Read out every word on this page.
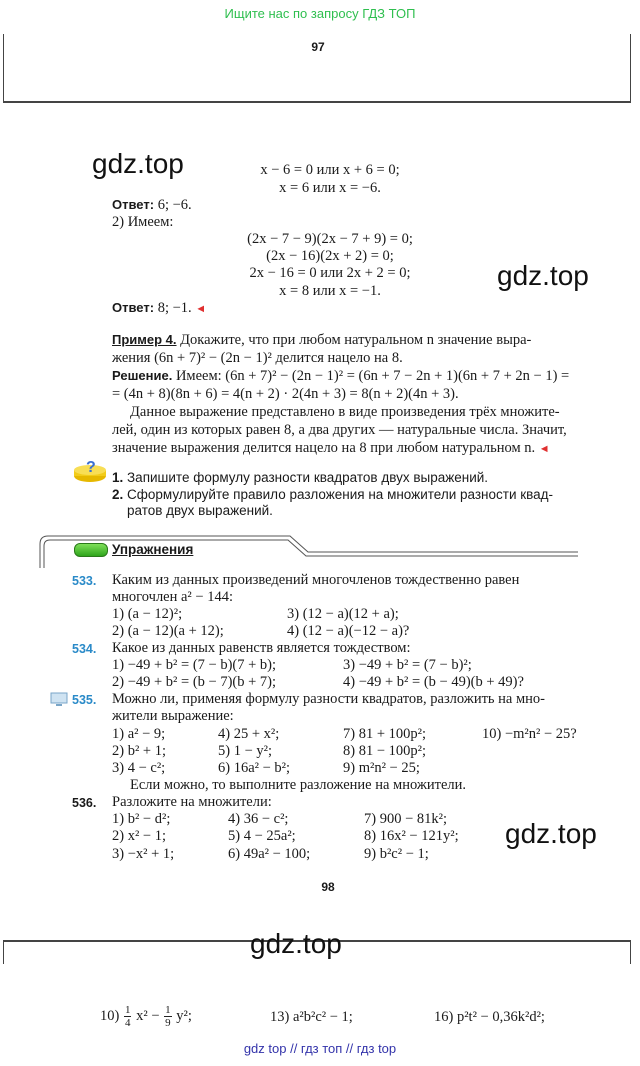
Ищите нас по запросу ГДЗ ТОП
97
98
gdz.top
gdz.top
gdz.top
gdz.top
x − 6 = 0 или x + 6 = 0;
x = 6 или x = −6.
Ответ: 6; −6.
2) Имеем:
(2x − 7 − 9)(2x − 7 + 9) = 0;
(2x − 16)(2x + 2) = 0;
2x − 16 = 0 или 2x + 2 = 0;
x = 8 или x = −1.
Ответ: 8; −1. ◄
Пример 4. Докажите, что при любом натуральном n значение выра-
жения (6n + 7)² − (2n − 1)² делится нацело на 8.
Решение. Имеем: (6n + 7)² − (2n − 1)² = (6n + 7 − 2n + 1)(6n + 7 + 2n − 1) =
= (4n + 8)(8n + 6) = 4(n + 2) · 2(4n + 3) = 8(n + 2)(4n + 3).
Данное выражение представлено в виде произведения трёх множите-
лей, один из которых равен 8, а два других — натуральные числа. Значит,
значение выражения делится нацело на 8 при любом натуральном n. ◄
?
1. Запишите формулу разности квадратов двух выражений.
2. Сформулируйте правило разложения на множители разности квад-
ратов двух выражений.
Упражнения
533. Каким из данных произведений многочленов тождественно равен
многочлен a² − 144:
1) (a − 12)²;	3) (12 − a)(12 + a);
2) (a − 12)(a + 12);	4) (12 − a)(−12 − a)?
534. Какое из данных равенств является тождеством:
1) −49 + b² = (7 − b)(7 + b);	3) −49 + b² = (7 − b)²;
2) −49 + b² = (b − 7)(b + 7);	4) −49 + b² = (b − 49)(b + 49)?
535. Можно ли, применяя формулу разности квадратов, разложить на мно-
жители выражение:
1) a² − 9;	4) 25 + x²;	7) 81 + 100p²;	10) −m²n² − 25?
2) b² + 1;	5) 1 − y²;	8) 81 − 100p²;
3) 4 − c²;	6) 16a² − b²;	9) m²n² − 25;
Если можно, то выполните разложение на множители.
536. Разложите на множители:
1) b² − d²;	4) 36 − c²;	7) 900 − 81k²;
2) x² − 1;	5) 4 − 25a²;	8) 16x² − 121y²;
3) −x² + 1;	6) 49a² − 100;	9) b²c² − 1;
$10) \frac{1}{4} x^2 - \frac{1}{9} y^2$;	13) a²b²c² − 1;	16) p²t² − 0,36k²d²;
gdz top // гдз топ // гдз top
